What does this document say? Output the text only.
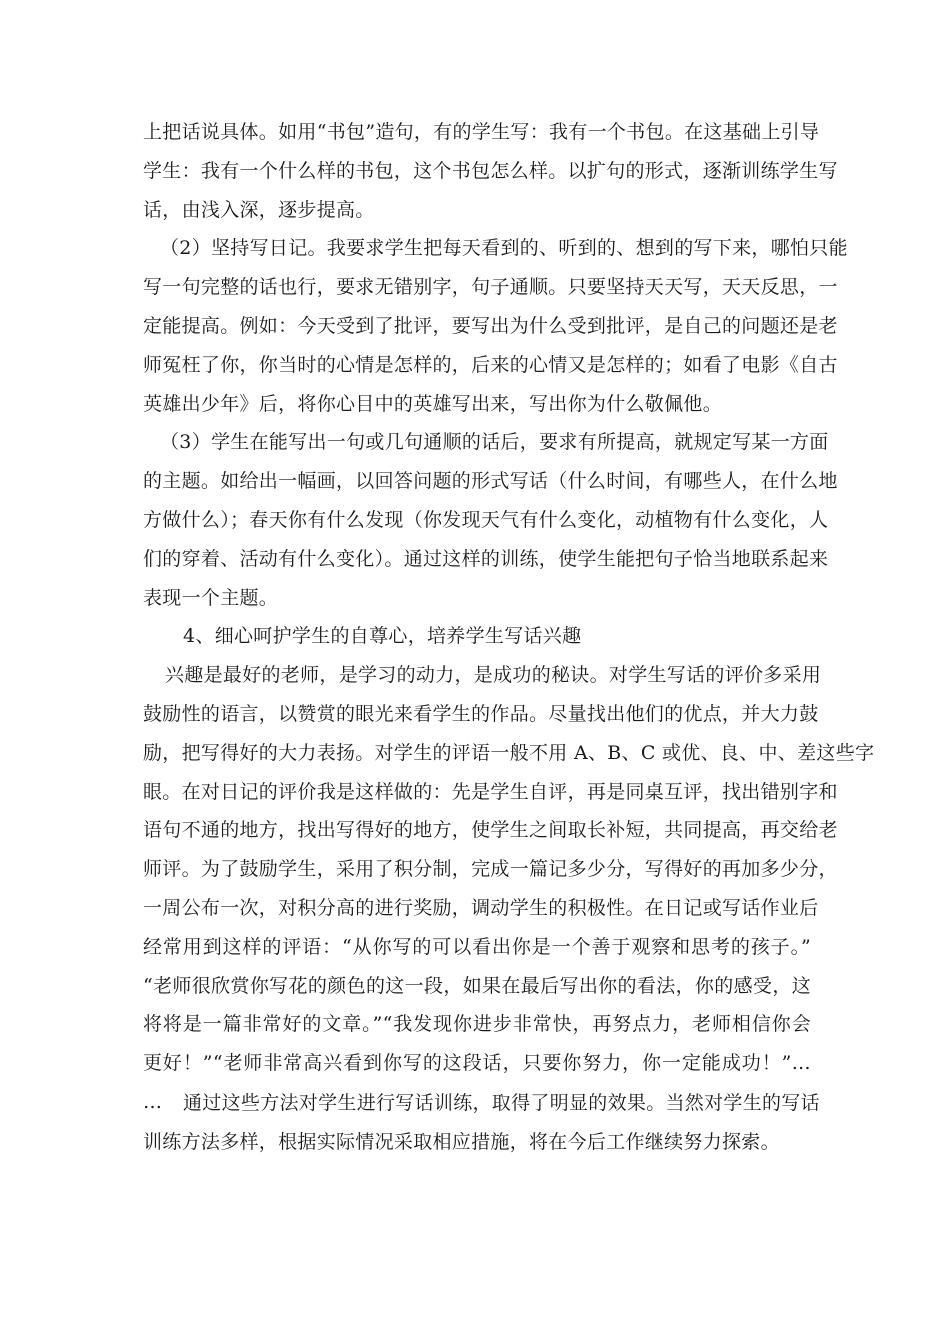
上把话说具体。如用“书包”造句，有的学生写：我有一个书包。在这基础上引导
学生：我有一个什么样的书包，这个书包怎么样。以扩句的形式，逐渐训练学生写
话，由浅入深，逐步提高。
（2）坚持写日记。我要求学生把每天看到的、听到的、想到的写下来，哪怕只能
写一句完整的话也行，要求无错别字，句子通顺。只要坚持天天写，天天反思，一
定能提高。例如：今天受到了批评，要写出为什么受到批评，是自己的问题还是老
师冤枉了你，你当时的心情是怎样的，后来的心情又是怎样的；如看了电影《自古
英雄出少年》后，将你心目中的英雄写出来，写出你为什么敬佩他。
（3）学生在能写出一句或几句通顺的话后，要求有所提高，就规定写某一方面
的主题。如给出一幅画，以回答问题的形式写话（什么时间，有哪些人，在什么地
方做什么）；春天你有什么发现（你发现天气有什么变化，动植物有什么变化，人
们的穿着、活动有什么变化）。通过这样的训练，使学生能把句子恰当地联系起来
表现一个主题。
4、细心呵护学生的自尊心，培养学生写话兴趣
兴趣是最好的老师，是学习的动力，是成功的秘诀。对学生写话的评价多采用
鼓励性的语言，以赞赏的眼光来看学生的作品。尽量找出他们的优点，并大力鼓
励，把写得好的大力表扬。对学生的评语一般不用 A、B、C 或优、良、中、差这些字
眼。在对日记的评价我是这样做的：先是学生自评，再是同桌互评，找出错别字和
语句不通的地方，找出写得好的地方，使学生之间取长补短，共同提高，再交给老
师评。为了鼓励学生，采用了积分制，完成一篇记多少分，写得好的再加多少分，
一周公布一次，对积分高的进行奖励，调动学生的积极性。在日记或写话作业后
经常用到这样的评语：“从你写的可以看出你是一个善于观察和思考的孩子。”
“老师很欣赏你写花的颜色的这一段，如果在最后写出你的看法，你的感受，这
将将是一篇非常好的文章。”“我发现你进步非常快，再努点力，老师相信你会
更好！”“老师非常高兴看到你写的这段话，只要你努力，你一定能成功！”…
…	通过这些方法对学生进行写话训练，取得了明显的效果。当然对学生的写话
训练方法多样，根据实际情况采取相应措施，将在今后工作继续努力探索。
